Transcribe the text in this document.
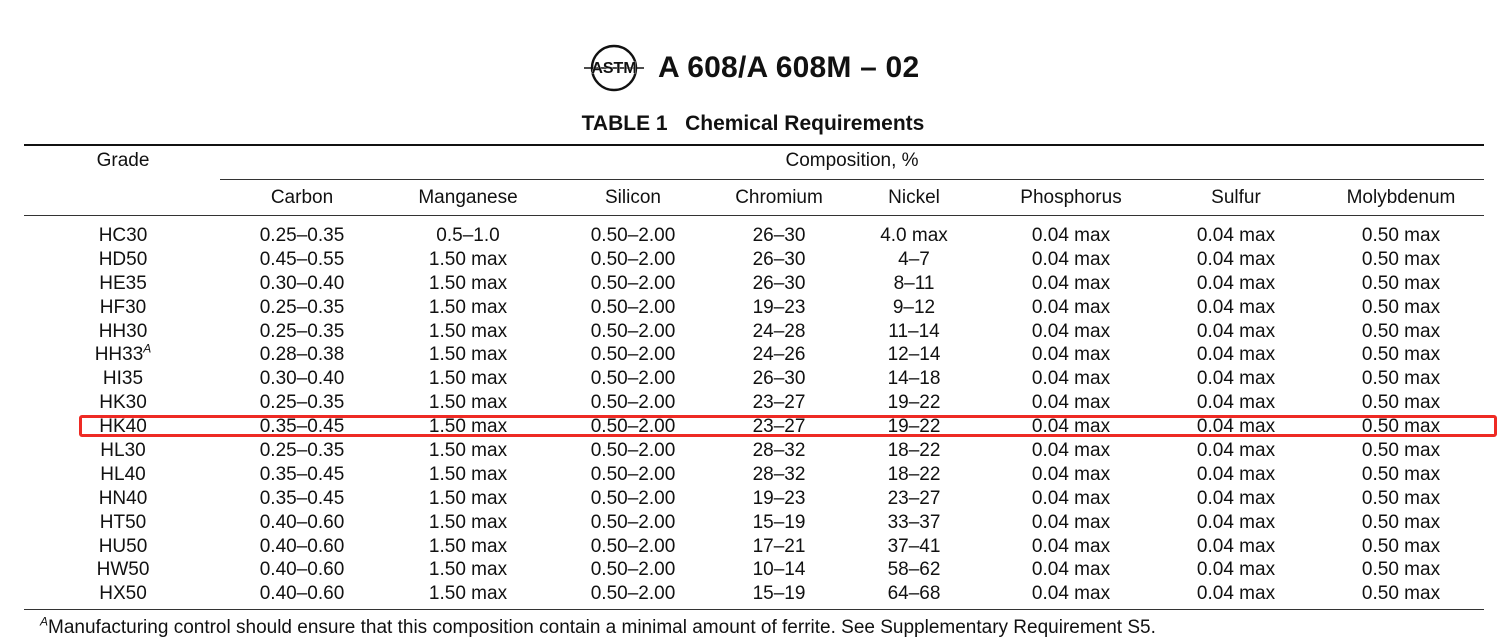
ASTM A 608/A 608M – 02
TABLE 1   Chemical Requirements
Grade	Composition, %
Carbon	Manganese	Silicon	Chromium	Nickel	Phosphorus	Sulfur	Molybdenum
HC30	0.25–0.35	0.5–1.0	0.50–2.00	26–30	4.0 max	0.04 max	0.04 max	0.50 max
HD50	0.45–0.55	1.50 max	0.50–2.00	26–30	4–7	0.04 max	0.04 max	0.50 max
HE35	0.30–0.40	1.50 max	0.50–2.00	26–30	8–11	0.04 max	0.04 max	0.50 max
HF30	0.25–0.35	1.50 max	0.50–2.00	19–23	9–12	0.04 max	0.04 max	0.50 max
HH30	0.25–0.35	1.50 max	0.50–2.00	24–28	11–14	0.04 max	0.04 max	0.50 max
$HH33^A$	0.28–0.38	1.50 max	0.50–2.00	24–26	12–14	0.04 max	0.04 max	0.50 max
HI35	0.30–0.40	1.50 max	0.50–2.00	26–30	14–18	0.04 max	0.04 max	0.50 max
HK30	0.25–0.35	1.50 max	0.50–2.00	23–27	19–22	0.04 max	0.04 max	0.50 max
HK40	0.35–0.45	1.50 max	0.50–2.00	23–27	19–22	0.04 max	0.04 max	0.50 max
HL30	0.25–0.35	1.50 max	0.50–2.00	28–32	18–22	0.04 max	0.04 max	0.50 max
HL40	0.35–0.45	1.50 max	0.50–2.00	28–32	18–22	0.04 max	0.04 max	0.50 max
HN40	0.35–0.45	1.50 max	0.50–2.00	19–23	23–27	0.04 max	0.04 max	0.50 max
HT50	0.40–0.60	1.50 max	0.50–2.00	15–19	33–37	0.04 max	0.04 max	0.50 max
HU50	0.40–0.60	1.50 max	0.50–2.00	17–21	37–41	0.04 max	0.04 max	0.50 max
HW50	0.40–0.60	1.50 max	0.50–2.00	10–14	58–62	0.04 max	0.04 max	0.50 max
HX50	0.40–0.60	1.50 max	0.50–2.00	15–19	64–68	0.04 max	0.04 max	0.50 max
$^A$Manufacturing control should ensure that this composition contain a minimal amount of ferrite. See Supplementary Requirement S5.
